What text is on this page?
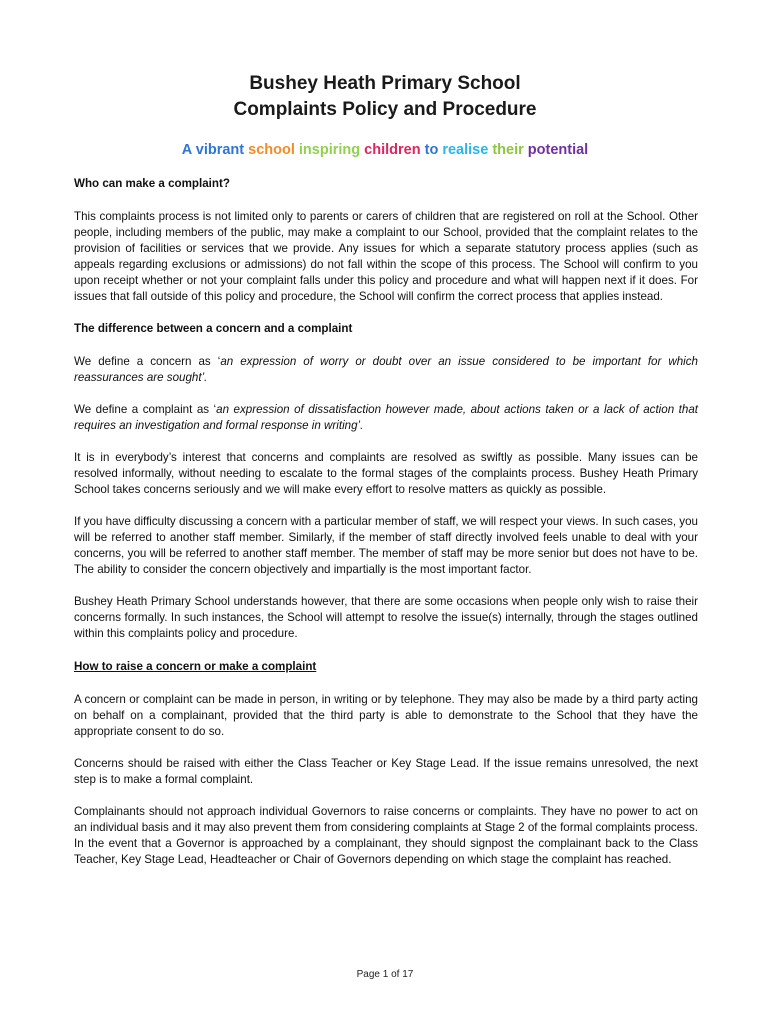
Bushey Heath Primary School
Complaints Policy and Procedure
A vibrant school inspiring children to realise their potential
Who can make a complaint?

This complaints process is not limited only to parents or carers of children that are registered on roll at the School. Other people, including members of the public, may make a complaint to our School, provided that the complaint relates to the provision of facilities or services that we provide. Any issues for which a separate statutory process applies (such as appeals regarding exclusions or admissions) do not fall within the scope of this process. The School will confirm to you upon receipt whether or not your complaint falls under this policy and procedure and what will happen next if it does. For issues that fall outside of this policy and procedure, the School will confirm the correct process that applies instead.

The difference between a concern and a complaint

We define a concern as ‘an expression of worry or doubt over an issue considered to be important for which reassurances are sought’.

We define a complaint as ‘an expression of dissatisfaction however made, about actions taken or a lack of action that requires an investigation and formal response in writing’.

It is in everybody’s interest that concerns and complaints are resolved as swiftly as possible. Many issues can be resolved informally, without needing to escalate to the formal stages of the complaints process. Bushey Heath Primary School takes concerns seriously and we will make every effort to resolve matters as quickly as possible.

If you have difficulty discussing a concern with a particular member of staff, we will respect your views. In such cases, you will be referred to another staff member. Similarly, if the member of staff directly involved feels unable to deal with your concerns, you will be referred to another staff member. The member of staff may be more senior but does not have to be. The ability to consider the concern objectively and impartially is the most important factor.

Bushey Heath Primary School understands however, that there are some occasions when people only wish to raise their concerns formally. In such instances, the School will attempt to resolve the issue(s) internally, through the stages outlined within this complaints policy and procedure.

How to raise a concern or make a complaint

A concern or complaint can be made in person, in writing or by telephone. They may also be made by a third party acting on behalf on a complainant, provided that the third party is able to demonstrate to the School that they have the appropriate consent to do so.

Concerns should be raised with either the Class Teacher or Key Stage Lead. If the issue remains unresolved, the next step is to make a formal complaint.

Complainants should not approach individual Governors to raise concerns or complaints. They have no power to act on an individual basis and it may also prevent them from considering complaints at Stage 2 of the formal complaints process. In the event that a Governor is approached by a complainant, they should signpost the complainant back to the Class Teacher, Key Stage Lead, Headteacher or Chair of Governors depending on which stage the complaint has reached.

Page 1 of 17
